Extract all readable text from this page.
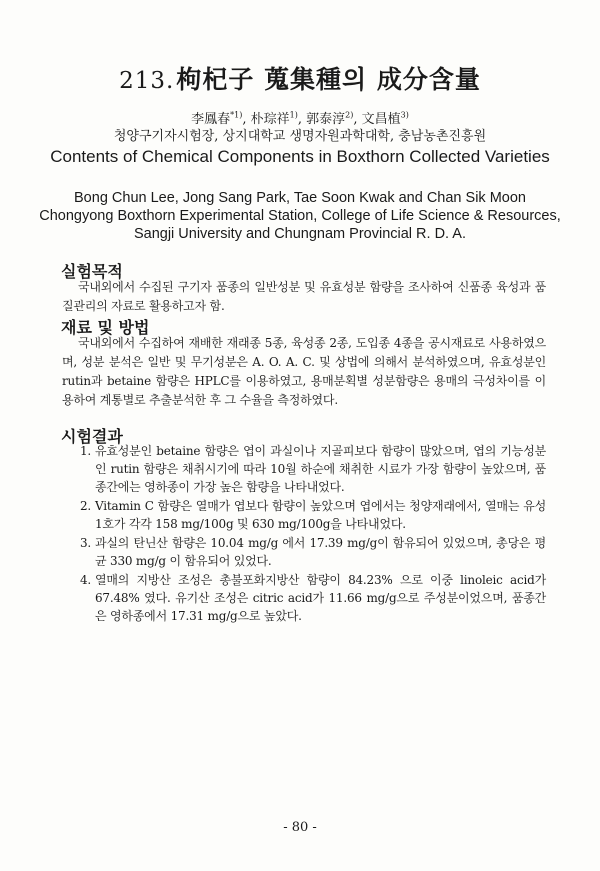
213.枸杞子 蒐集種의 成分含量
李鳳春$^{*1)}$, 朴琮祥$^{1)}$, 郭泰淳$^{2)}$, 文昌植$^{3)}$
청양구기자시험장, 상지대학교 생명자원과학대학, 충남농촌진흥원
Contents of Chemical Components in Boxthorn Collected Varieties
Bong Chun Lee, Jong Sang Park, Tae Soon Kwak and Chan Sik Moon
Chongyong Boxthorn Experimental Station, College of Life Science & Resources, Sangji University and Chungnam Provincial R. D. A.
실험목적
국내외에서 수집된 구기자 품종의 일반성분 및 유효성분 함량을 조사하여 신품종 육성과 품질관리의 자료로 활용하고자 함.
재료 및 방법
국내외에서 수집하여 재배한 재래종 5종, 육성종 2종, 도입종 4종을 공시재료로 사용하였으며, 성분 분석은 일반 및 무기성분은 A. O. A. C. 및 상법에 의해서 분석하였으며, 유효성분인 rutin과 betaine 함량은 HPLC를 이용하였고, 용매분획별 성분함량은 용매의 극성차이를 이용하여 계통별로 추출분석한 후 그 수율을 측정하였다.
시험결과
1. 유효성분인 betaine 함량은 엽이 과실이나 지골피보다 함량이 많았으며, 엽의 기능성분인 rutin 함량은 채취시기에 따라 10월 하순에 채취한 시료가 가장 함량이 높았으며, 품종간에는 영하종이 가장 높은 함량을 나타내었다.
2. Vitamin C 함량은 열매가 엽보다 함량이 높았으며 엽에서는 청양재래에서, 열매는 유성1호가 각각 158 mg/100g 및 630 mg/100g을 나타내었다.
3. 과실의 탄닌산 함량은 10.04 mg/g 에서 17.39 mg/g이 함유되어 있었으며, 총당은 평균 330 mg/g 이 함유되어 있었다.
4. 열매의 지방산 조성은 총불포화지방산 함량이 84.23% 으로 이중 linoleic acid가 67.48% 였다. 유기산 조성은 citric acid가 11.66 mg/g으로 주성분이었으며, 품종간은 영하종에서 17.31 mg/g으로 높았다.
- 80 -
